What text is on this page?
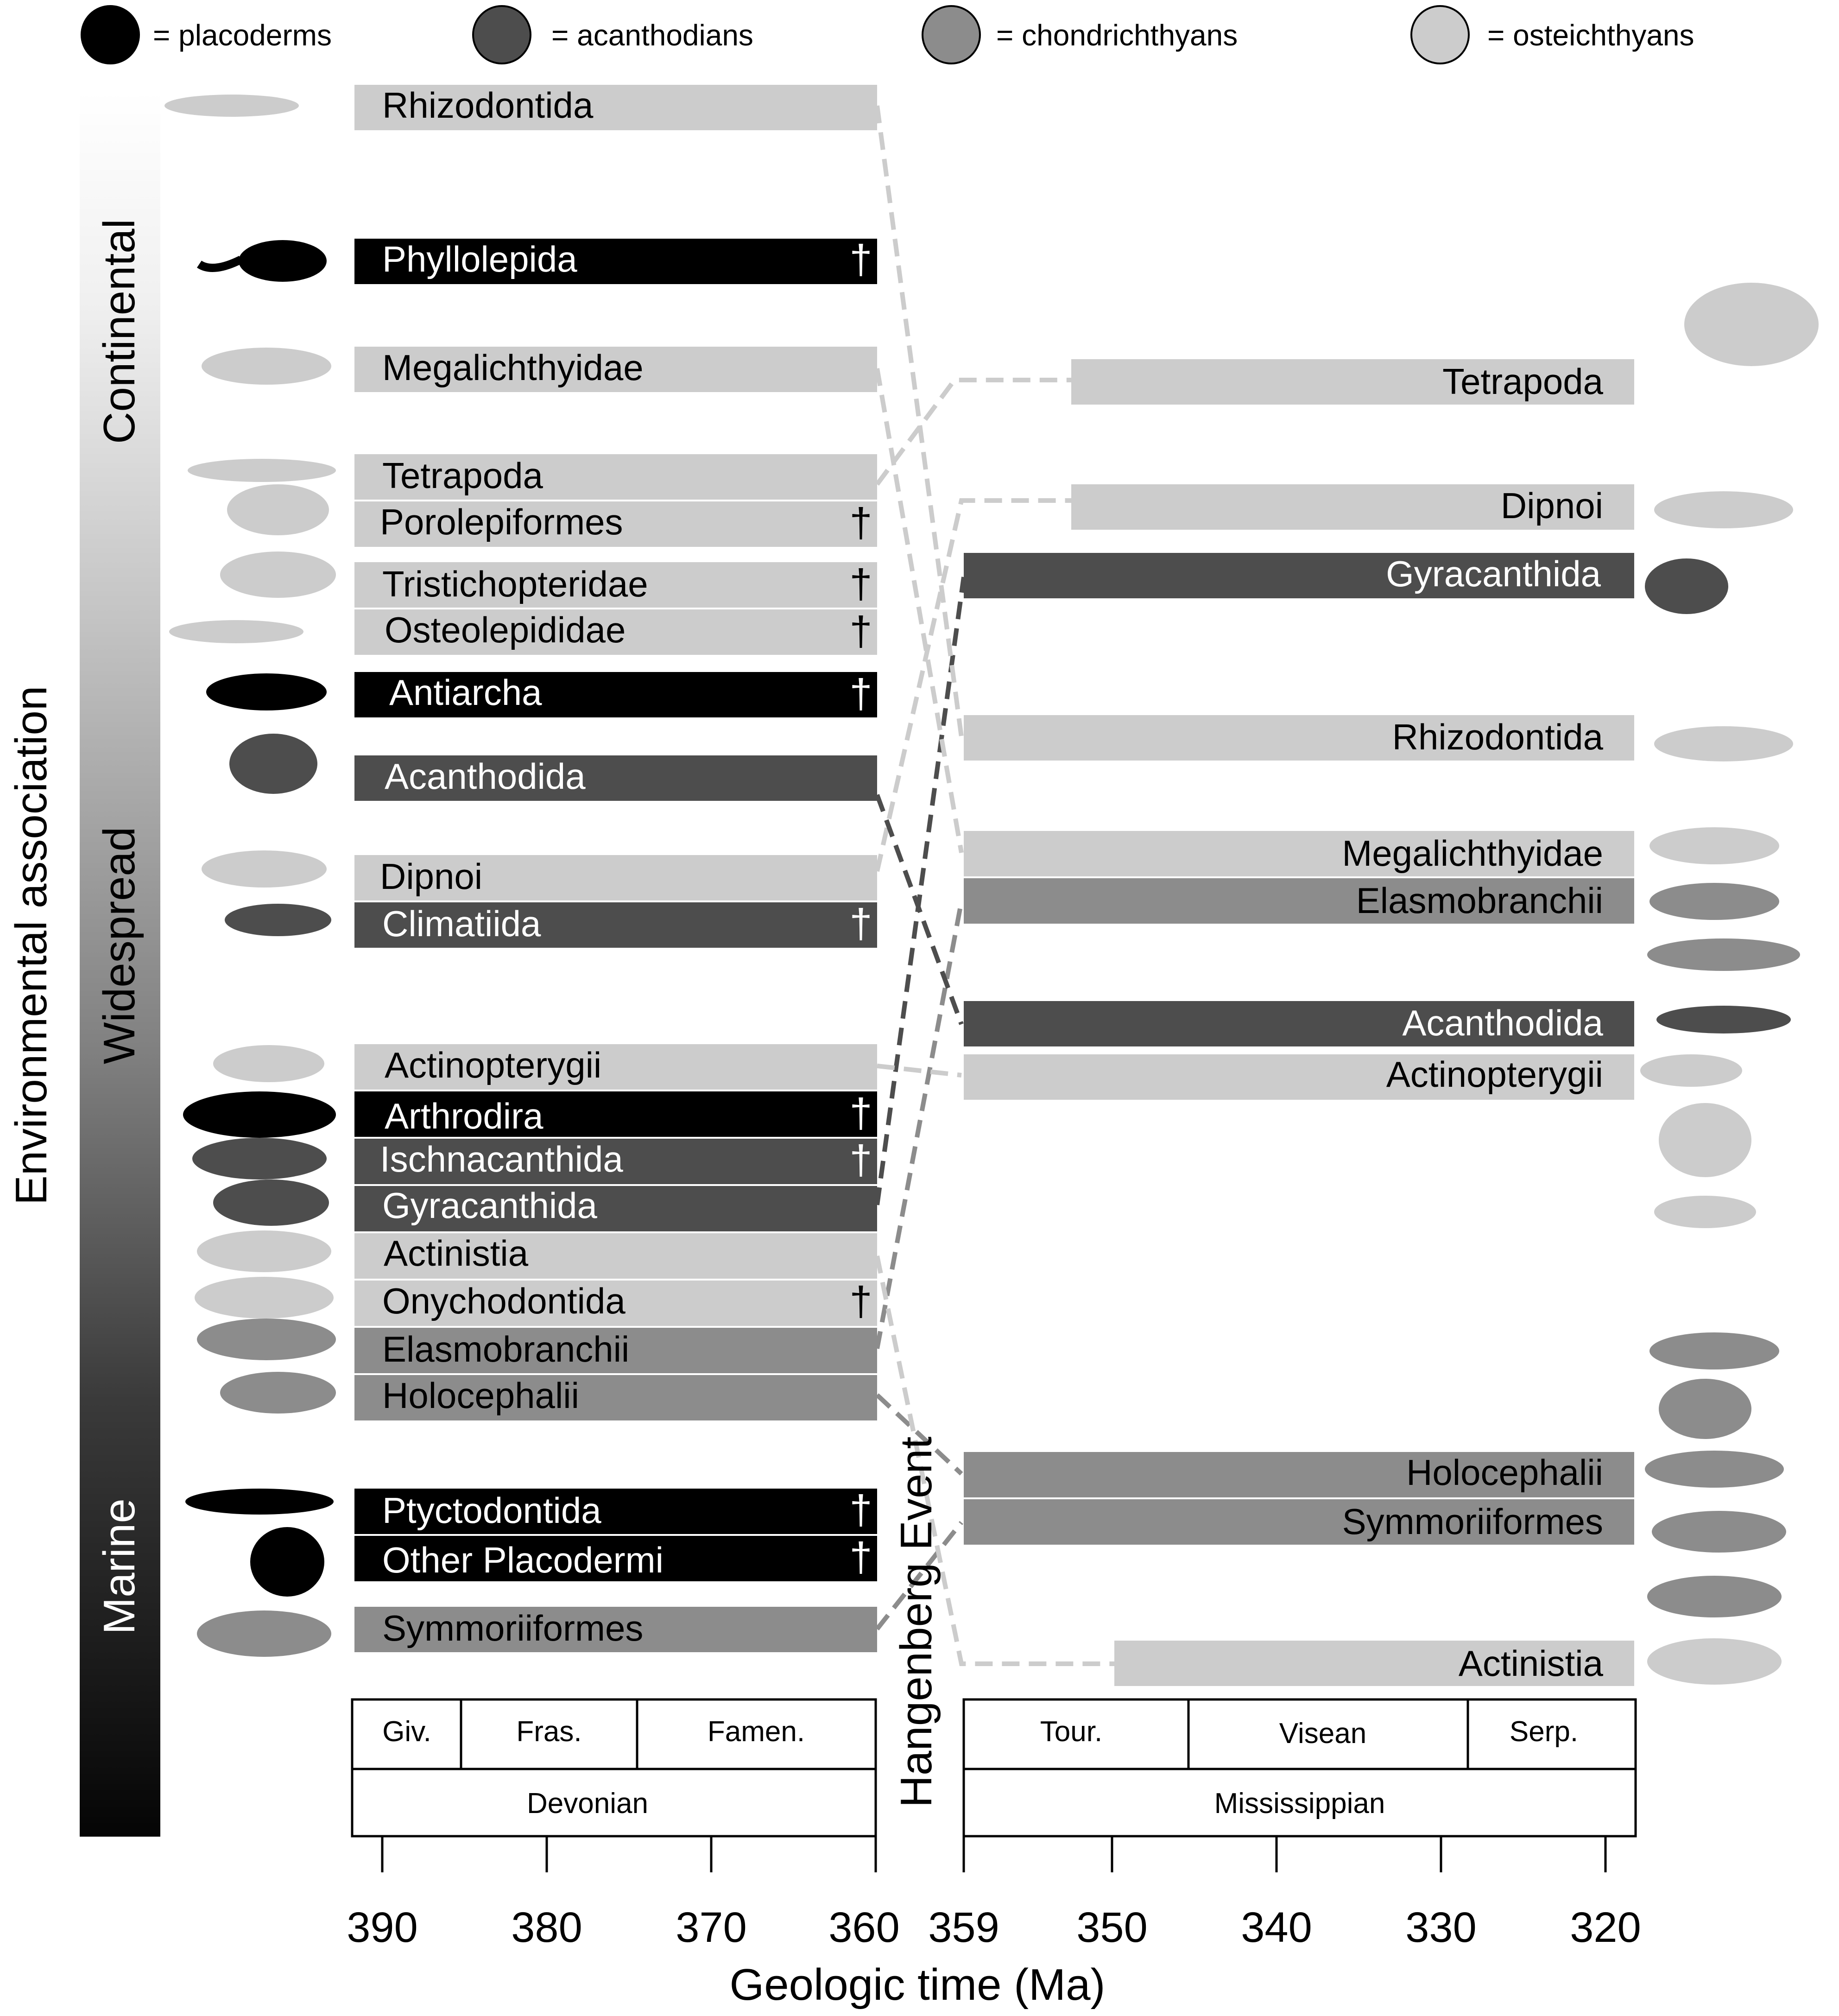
= placoderms	= acanthodians	= chondrichthyans	= osteichthyans
Environmental association
Continental
Widespread
Marine
Rhizodontida
Phyllolepida	†
Megalichthyidae
Tetrapoda
Porolepiformes	†
Tristichopteridae	†
Osteolepididae	†
Antiarcha	†
Acanthodida
Dipnoi
Climatiida	†
Actinopterygii
Arthrodira	†
Ischnacanthida	†
Gyracanthida
Actinistia
Onychodontida	†
Elasmobranchii
Holocephalii
Ptyctodontida	†
Other Placodermi	†
Symmoriiformes
Tetrapoda
Dipnoi
Gyracanthida
Rhizodontida
Megalichthyidae
Elasmobranchii
Acanthodida
Actinopterygii
Holocephalii
Symmoriiformes
Actinistia
Hangenberg Event
Giv.	Fras.	Famen.
Devonian
Tour.	Visean	Serp.
Mississippian
390 380 370 360 359 350 340 330 320
Geologic time (Ma)
